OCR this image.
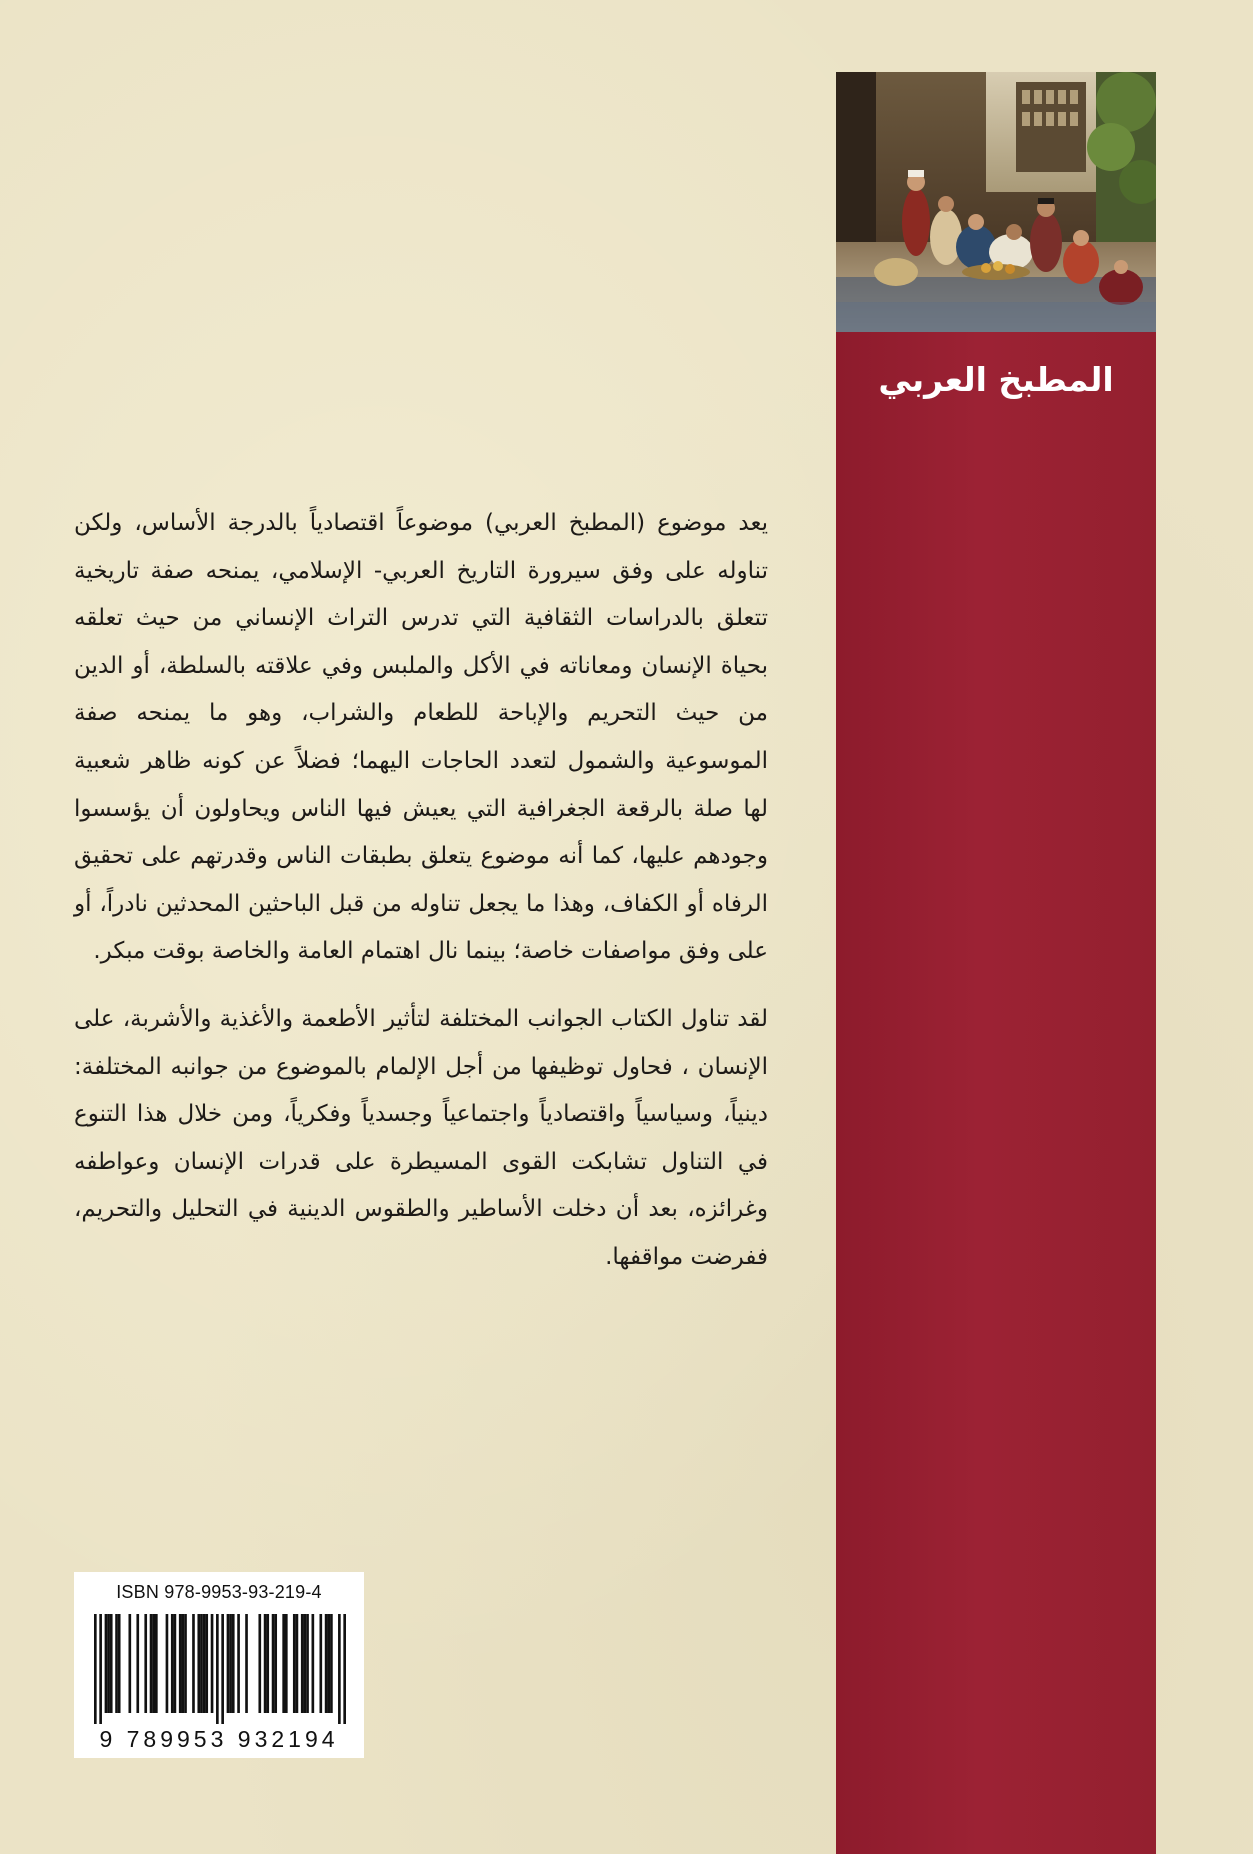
المطبخ العربي

يعد موضوع (المطبخ العربي) موضوعاً اقتصادياً بالدرجة الأساس، ولكن تناوله على وفق سيرورة التاريخ العربي- الإسلامي، يمنحه صفة تاريخية تتعلق بالدراسات الثقافية التي تدرس التراث الإنساني من حيث تعلقه بحياة الإنسان ومعاناته في الأكل والملبس وفي علاقته بالسلطة، أو الدين من حيث التحريم والإباحة للطعام والشراب، وهو ما يمنحه صفة الموسوعية والشمول لتعدد الحاجات اليهما؛ فضلاً عن كونه ظاهر شعبية لها صلة بالرقعة الجغرافية التي يعيش فيها الناس ويحاولون أن يؤسسوا وجودهم عليها، كما أنه موضوع يتعلق بطبقات الناس وقدرتهم على تحقيق الرفاه أو الكفاف، وهذا ما يجعل تناوله من قبل الباحثين المحدثين نادراً، أو على وفق مواصفات خاصة؛ بينما نال اهتمام العامة والخاصة بوقت مبكر.

لقد تناول الكتاب الجوانب المختلفة لتأثير الأطعمة والأغذية والأشربة، على الإنسان ، فحاول توظيفها من أجل الإلمام بالموضوع من جوانبه المختلفة: دينياً، وسياسياً واقتصادياً واجتماعياً وجسدياً وفكرياً، ومن خلال هذا التنوع في التناول تشابكت القوى المسيطرة على قدرات الإنسان وعواطفه وغرائزه، بعد أن دخلت الأساطير والطقوس الدينية في التحليل والتحريم، ففرضت مواقفها.

ISBN 978-9953-93-219-4
9 789953 932194
